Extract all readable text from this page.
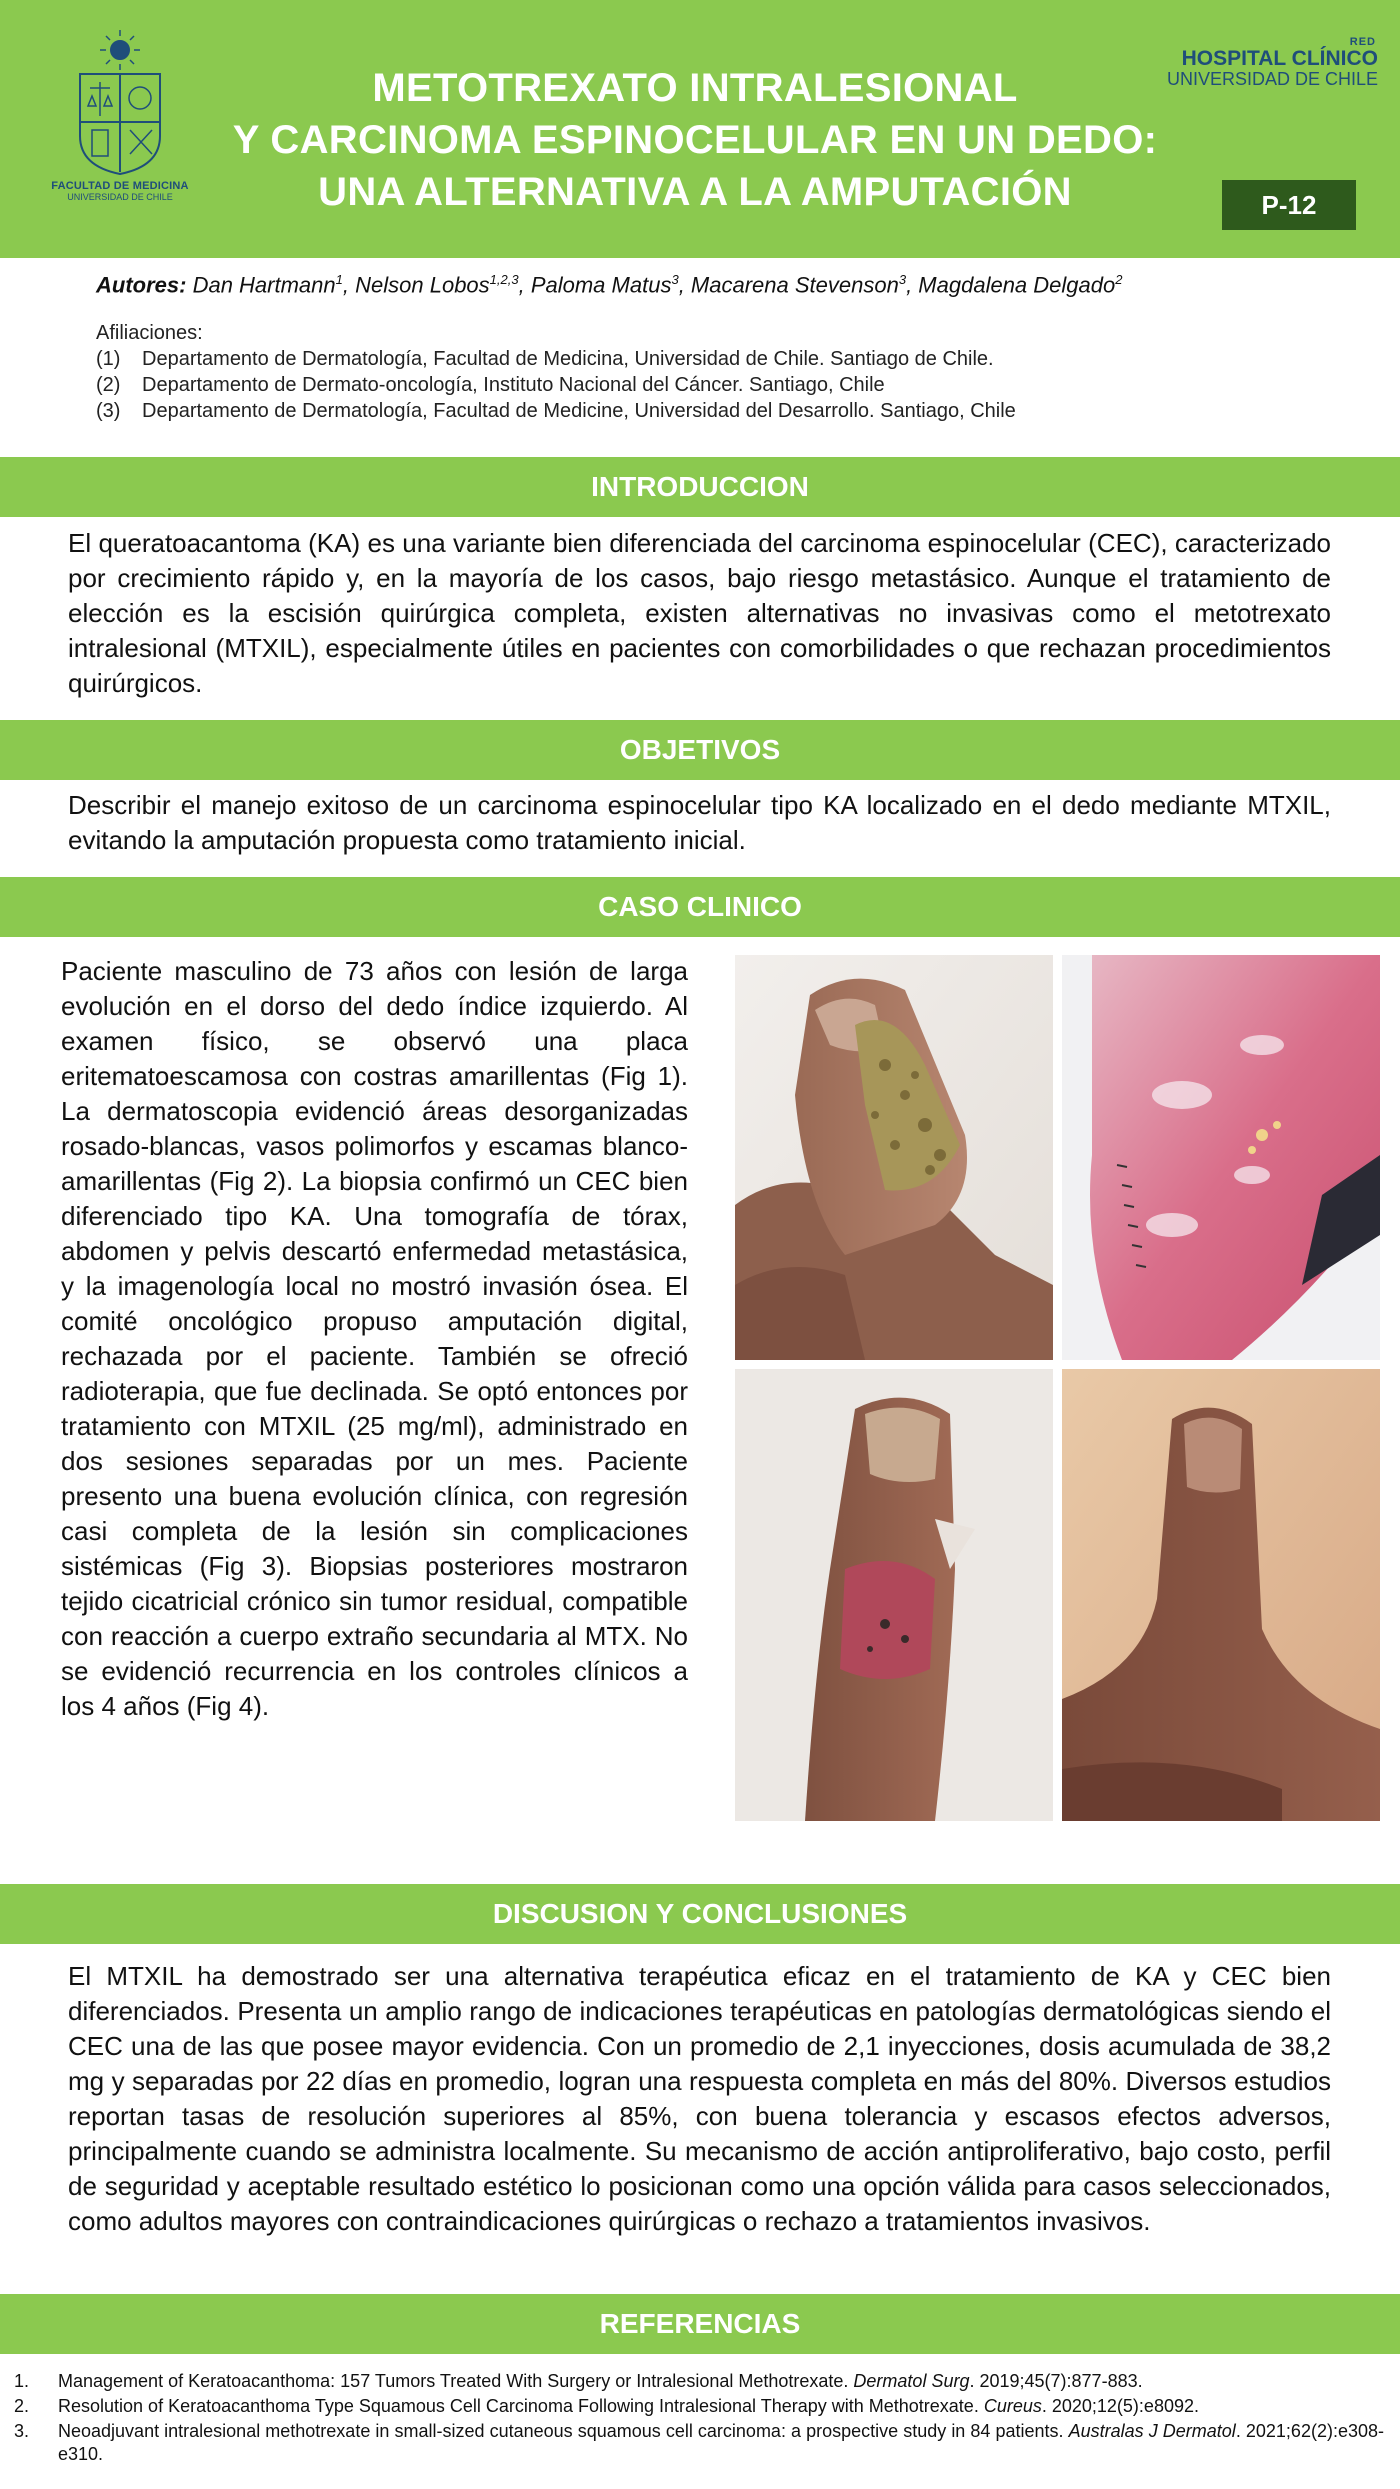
FACULTAD DE MEDICINA
UNIVERSIDAD DE CHILE
METOTREXATO INTRALESIONAL
Y CARCINOMA ESPINOCELULAR EN UN DEDO:
UNA ALTERNATIVA A LA AMPUTACIÓN
RED
HOSPITAL CLÍNICO
UNIVERSIDAD DE CHILE
P-12
Autores: Dan Hartmann$^1$, Nelson Lobos$^{1,2,3}$, Paloma Matus$^3$, Macarena Stevenson$^3$, Magdalena Delgado$^2$
Afiliaciones:
(1) Departamento de Dermatología, Facultad de Medicina, Universidad de Chile. Santiago de Chile.
(2) Departamento de Dermato-oncología, Instituto Nacional del Cáncer. Santiago, Chile
(3) Departamento de Dermatología, Facultad de Medicine, Universidad del Desarrollo. Santiago, Chile
INTRODUCCION
El queratoacantoma (KA) es una variante bien diferenciada del carcinoma espinocelular (CEC), caracterizado por crecimiento rápido y, en la mayoría de los casos, bajo riesgo metastásico. Aunque el tratamiento de elección es la escisión quirúrgica completa, existen alternativas no invasivas como el metotrexato intralesional (MTXIL), especialmente útiles en pacientes con comorbilidades o que rechazan procedimientos quirúrgicos.
OBJETIVOS
Describir el manejo exitoso de un carcinoma espinocelular tipo KA localizado en el dedo mediante MTXIL, evitando la amputación propuesta como tratamiento inicial.
CASO CLINICO
Paciente masculino de 73 años con lesión de larga evolución en el dorso del dedo índice izquierdo. Al examen físico, se observó una placa eritematoescamosa con costras amarillentas (Fig 1). La dermatoscopia evidenció áreas desorganizadas rosado-blancas, vasos polimorfos y escamas blanco-amarillentas (Fig 2). La biopsia confirmó un CEC bien diferenciado tipo KA. Una tomografía de tórax, abdomen y pelvis descartó enfermedad metastásica, y la imagenología local no mostró invasión ósea. El comité oncológico propuso amputación digital, rechazada por el paciente. También se ofreció radioterapia, que fue declinada. Se optó entonces por tratamiento con MTXIL (25 mg/ml), administrado en dos sesiones separadas por un mes. Paciente presento una buena evolución clínica, con regresión casi completa de la lesión sin complicaciones sistémicas (Fig 3). Biopsias posteriores mostraron tejido cicatricial crónico sin tumor residual, compatible con reacción a cuerpo extraño secundaria al MTX. No se evidenció recurrencia en los controles clínicos a los 4 años (Fig 4).
DISCUSION Y CONCLUSIONES
El MTXIL ha demostrado ser una alternativa terapéutica eficaz en el tratamiento de KA y CEC bien diferenciados. Presenta un amplio rango de indicaciones terapéuticas en patologías dermatológicas siendo el CEC una de las que posee mayor evidencia. Con un promedio de 2,1 inyecciones, dosis acumulada de 38,2 mg y separadas por 22 días en promedio, logran una respuesta completa en más del 80%. Diversos estudios reportan tasas de resolución superiores al 85%, con buena tolerancia y escasos efectos adversos, principalmente cuando se administra localmente. Su mecanismo de acción antiproliferativo, bajo costo, perfil de seguridad y aceptable resultado estético lo posicionan como una opción válida para casos seleccionados, como adultos mayores con contraindicaciones quirúrgicas o rechazo a tratamientos invasivos.
REFERENCIAS
1. Management of Keratoacanthoma: 157 Tumors Treated With Surgery or Intralesional Methotrexate. Dermatol Surg. 2019;45(7):877-883.
2. Resolution of Keratoacanthoma Type Squamous Cell Carcinoma Following Intralesional Therapy with Methotrexate. Cureus. 2020;12(5):e8092.
3. Neoadjuvant intralesional methotrexate in small-sized cutaneous squamous cell carcinoma: a prospective study in 84 patients. Australas J Dermatol. 2021;62(2):e308-e310.
